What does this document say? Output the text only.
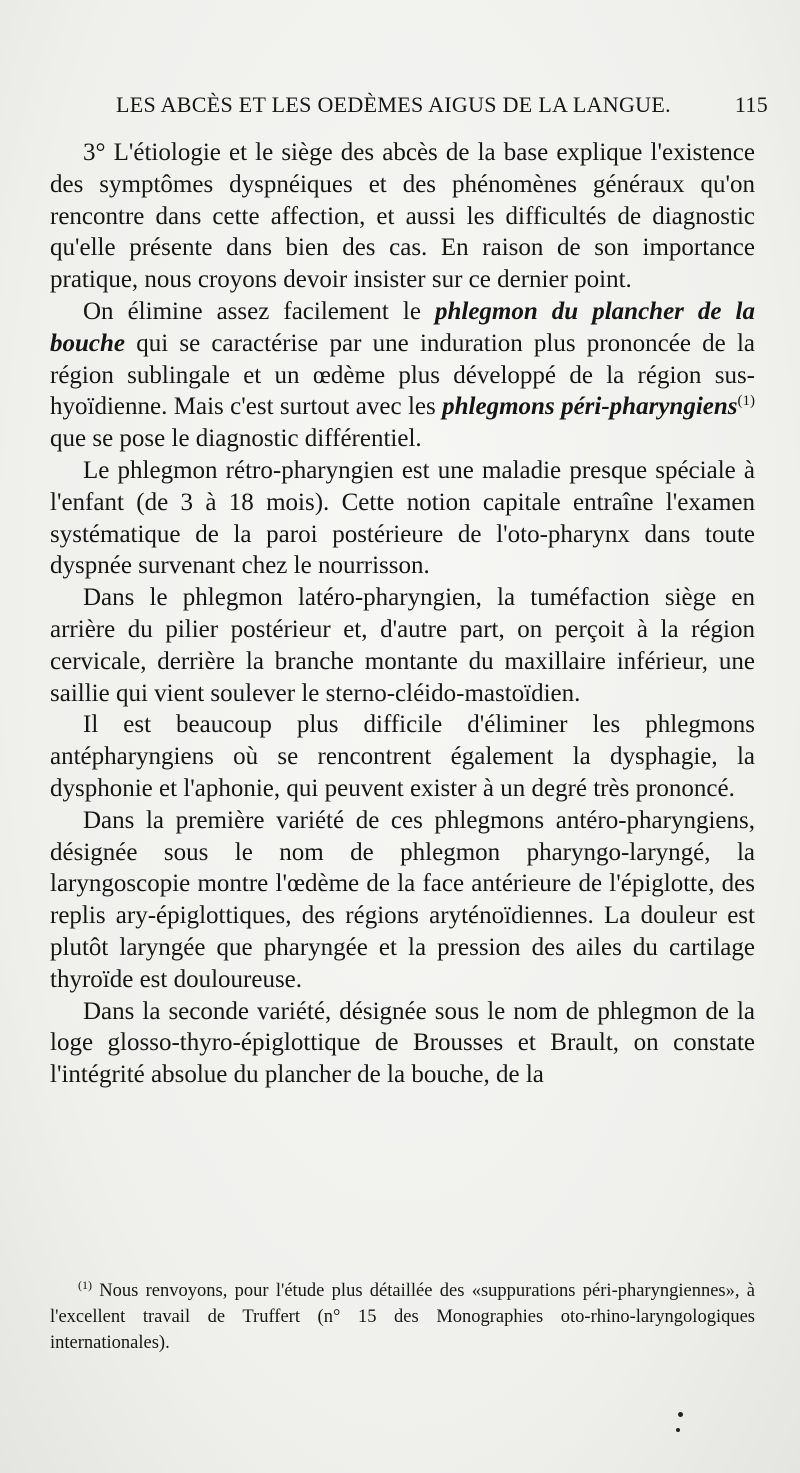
LES ABCÈS ET LES OEDÈMES AIGUS DE LA LANGUE.	115

3° L'étiologie et le siège des abcès de la base explique l'existence des symptômes dyspnéiques et des phénomènes généraux qu'on rencontre dans cette affection, et aussi les difficultés de diagnostic qu'elle présente dans bien des cas. En raison de son importance pratique, nous croyons devoir insister sur ce dernier point.

On élimine assez facilement le phlegmon du plancher de la bouche qui se caractérise par une induration plus prononcée de la région sublingale et un œdème plus développé de la région sus-hyoïdienne. Mais c'est surtout avec les phlegmons péri-pharyngiens$^{(1)}$ que se pose le diagnostic différentiel.

Le phlegmon rétro-pharyngien est une maladie presque spéciale à l'enfant (de 3 à 18 mois). Cette notion capitale entraîne l'examen systématique de la paroi postérieure de l'oto-pharynx dans toute dyspnée survenant chez le nourrisson.

Dans le phlegmon latéro-pharyngien, la tuméfaction siège en arrière du pilier postérieur et, d'autre part, on perçoit à la région cervicale, derrière la branche montante du maxillaire inférieur, une saillie qui vient soulever le sterno-cléido-mastoïdien.

Il est beaucoup plus difficile d'éliminer les phlegmons antépharyngiens où se rencontrent également la dysphagie, la dysphonie et l'aphonie, qui peuvent exister à un degré très prononcé.

Dans la première variété de ces phlegmons antéro-pharyngiens, désignée sous le nom de phlegmon pharyngo-laryngé, la laryngoscopie montre l'œdème de la face antérieure de l'épiglotte, des replis ary-épiglottiques, des régions aryténoïdiennes. La douleur est plutôt laryngée que pharyngée et la pression des ailes du cartilage thyroïde est douloureuse.

Dans la seconde variété, désignée sous le nom de phlegmon de la loge glosso-thyro-épiglottique de Brousses et Brault, on constate l'intégrité absolue du plancher de la bouche, de la

$^{(1)}$ Nous renvoyons, pour l'étude plus détaillée des «suppurations péri-pharyngiennes», à l'excellent travail de Truffert (n° 15 des Monographies oto-rhino-laryngologiques internationales).
